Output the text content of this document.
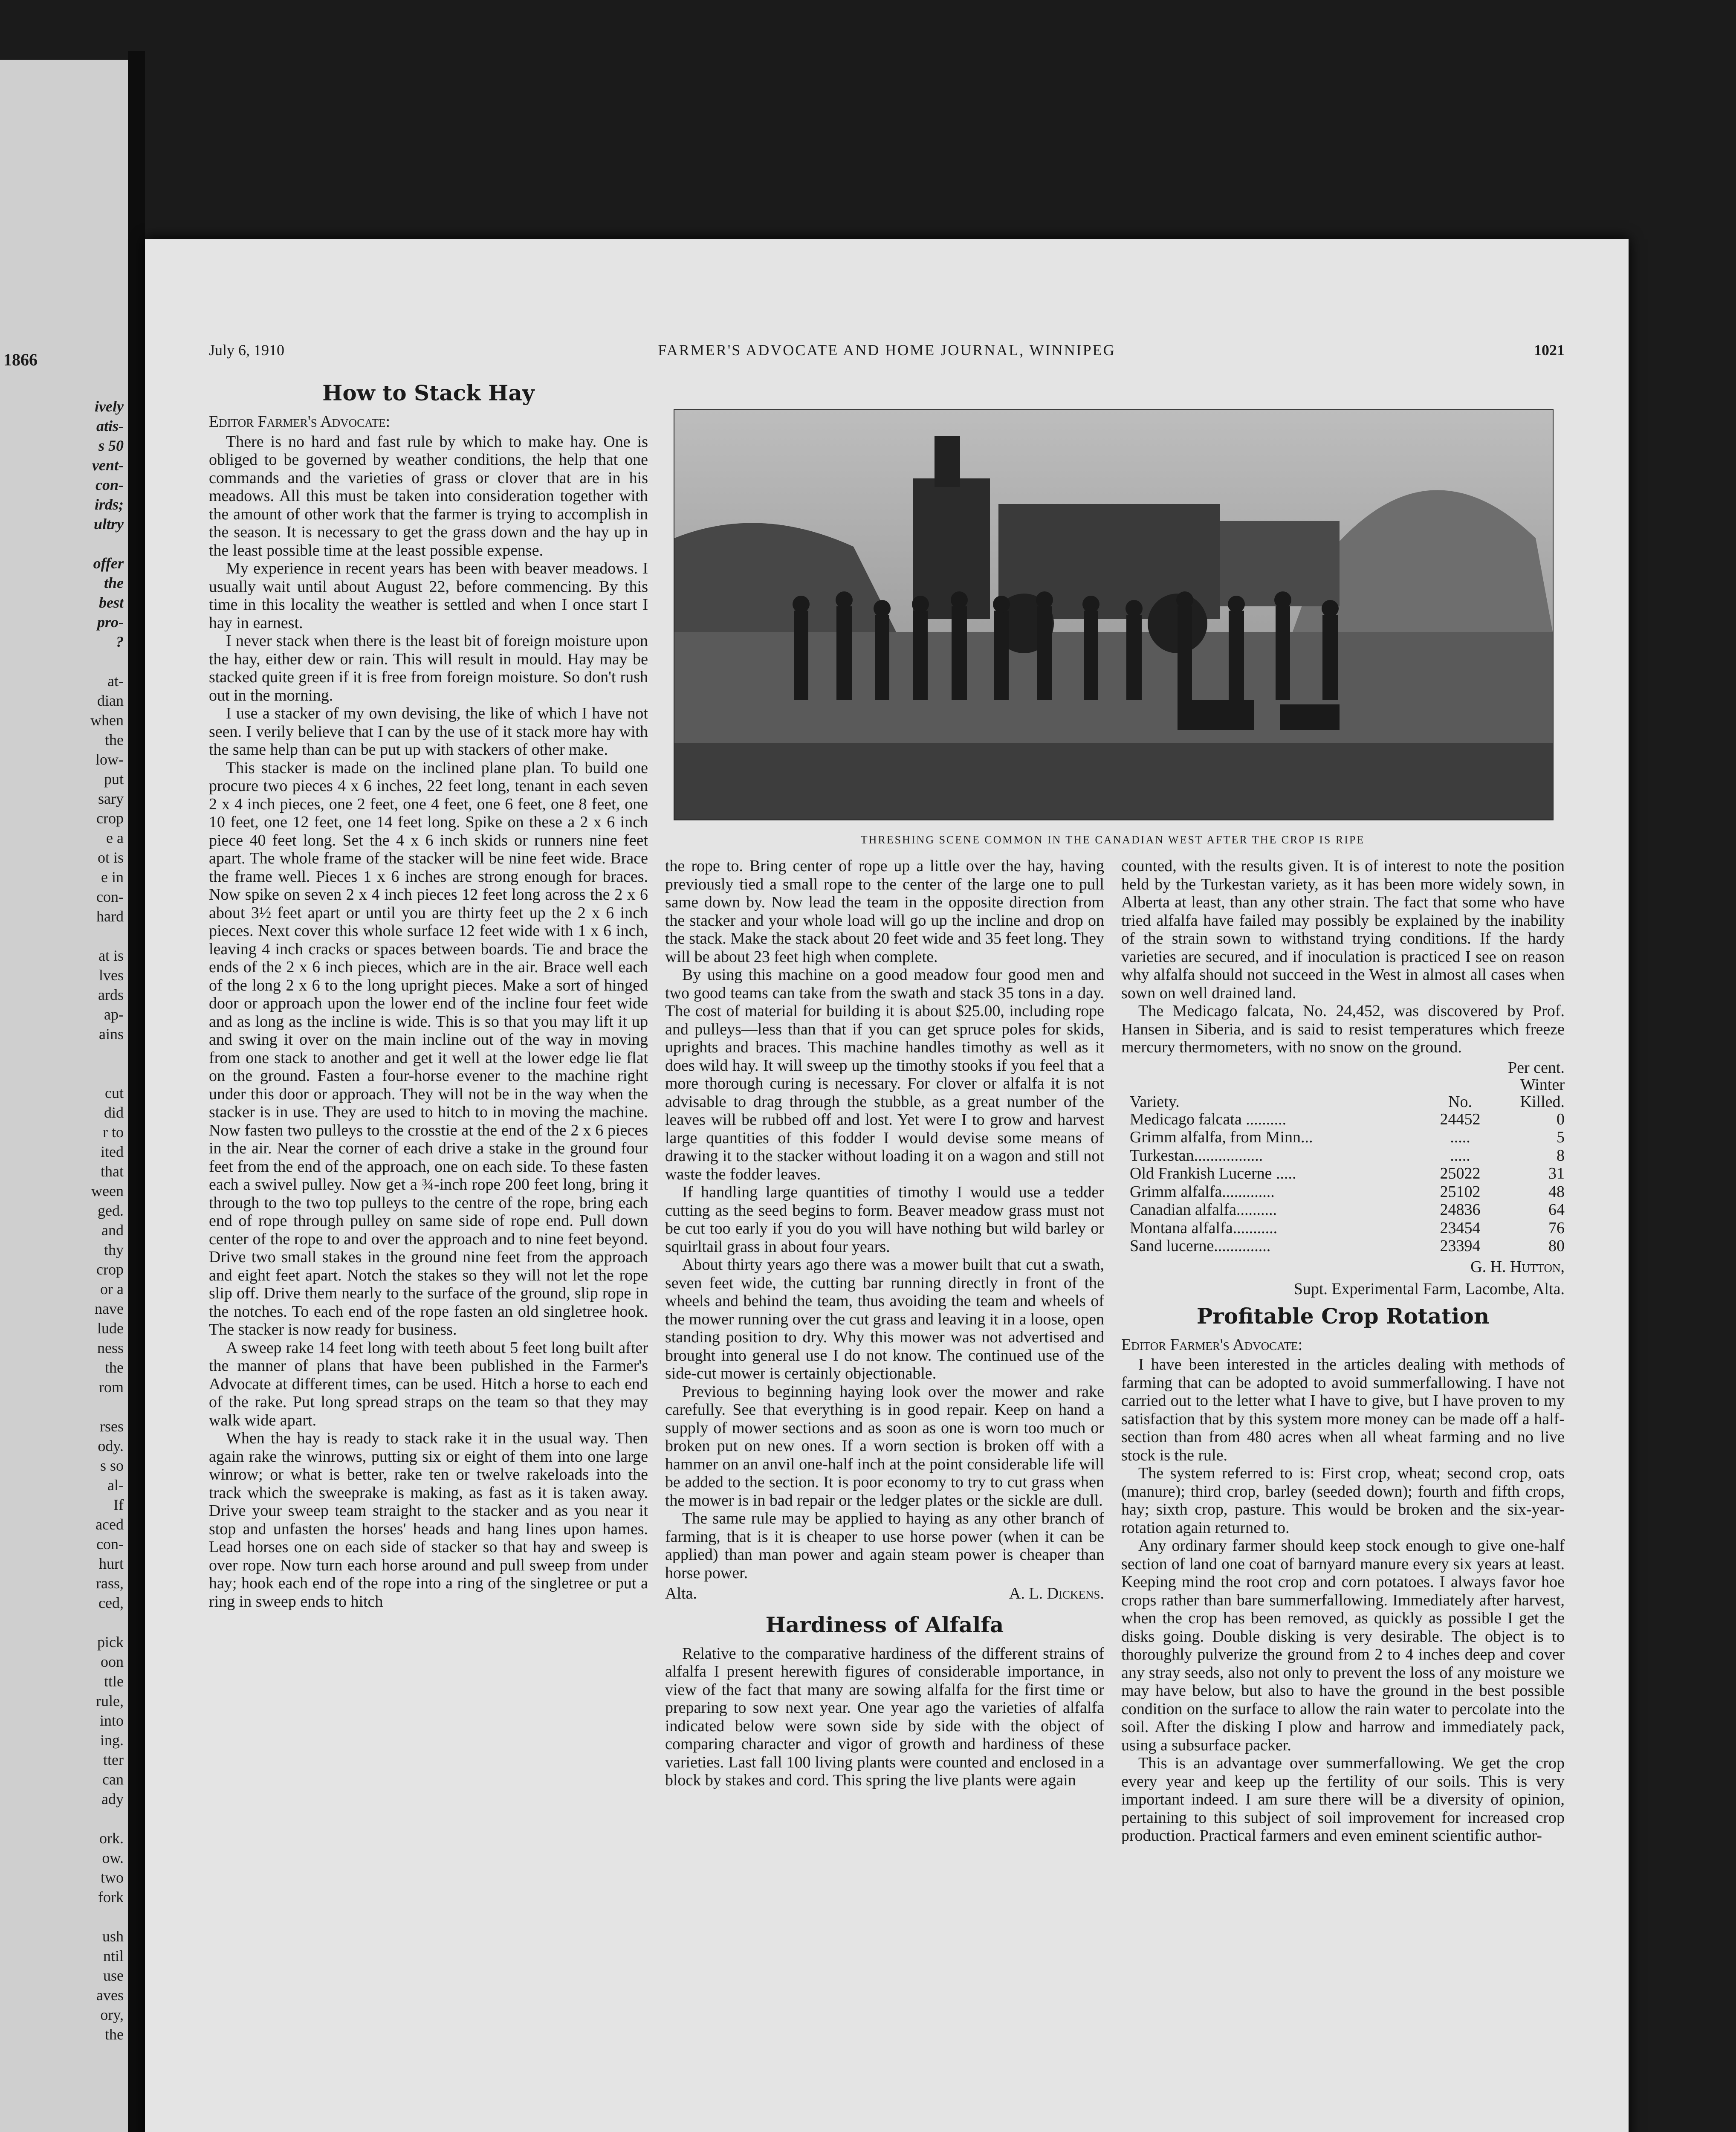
1866
ively
atis-
s 50
vent-
con-
irds;
ultry

offer
the
best
pro-
?

at-
dian
when
the
low-
put
sary
crop
e a
ot is
e in
con-
hard

at is
lves
ards
ap-
ains

cut
did
r to
ited
that
ween
ged.
and
thy
crop
or a
nave
lude
ness
the
rom

rses
ody.
s so
al-
If
aced
con-
hurt
rass,
ced,

pick
oon
ttle
rule,
into
ing.
tter
can
ady

ork.
ow.
two
fork

ush
ntil
use
aves
ory,
the
July 6, 1910	FARMER'S ADVOCATE AND HOME JOURNAL, WINNIPEG	1021
How to Stack Hay
Editor Farmer's Advocate:

There is no hard and fast rule by which to make hay. One is obliged to be governed by weather conditions, the help that one commands and the varieties of grass or clover that are in his meadows. All this must be taken into consideration together with the amount of other work that the farmer is trying to accomplish in the season. It is necessary to get the grass down and the hay up in the least possible time at the least possible expense.

My experience in recent years has been with beaver meadows. I usually wait until about August 22, before commencing. By this time in this locality the weather is settled and when I once start I hay in earnest.

I never stack when there is the least bit of foreign moisture upon the hay, either dew or rain. This will result in mould. Hay may be stacked quite green if it is free from foreign moisture. So don't rush out in the morning.

I use a stacker of my own devising, the like of which I have not seen. I verily believe that I can by the use of it stack more hay with the same help than can be put up with stackers of other make.

This stacker is made on the inclined plane plan. To build one procure two pieces 4 x 6 inches, 22 feet long, tenant in each seven 2 x 4 inch pieces, one 2 feet, one 4 feet, one 6 feet, one 8 feet, one 10 feet, one 12 feet, one 14 feet long. Spike on these a 2 x 6 inch piece 40 feet long. Set the 4 x 6 inch skids or runners nine feet apart. The whole frame of the stacker will be nine feet wide. Brace the frame well. Pieces 1 x 6 inches are strong enough for braces. Now spike on seven 2 x 4 inch pieces 12 feet long across the 2 x 6 about 3½ feet apart or until you are thirty feet up the 2 x 6 inch pieces. Next cover this whole surface 12 feet wide with 1 x 6 inch, leaving 4 inch cracks or spaces between boards. Tie and brace the ends of the 2 x 6 inch pieces, which are in the air. Brace well each of the long 2 x 6 to the long upright pieces. Make a sort of hinged door or approach upon the lower end of the incline four feet wide and as long as the incline is wide. This is so that you may lift it up and swing it over on the main incline out of the way in moving from one stack to another and get it well at the lower edge lie flat on the ground. Fasten a four-horse evener to the machine right under this door or approach. They will not be in the way when the stacker is in use. They are used to hitch to in moving the machine. Now fasten two pulleys to the crosstie at the end of the 2 x 6 pieces in the air. Near the corner of each drive a stake in the ground four feet from the end of the approach, one on each side. To these fasten each a swivel pulley. Now get a ¾-inch rope 200 feet long, bring it through to the two top pulleys to the centre of the rope, bring each end of rope through pulley on same side of rope end. Pull down center of the rope to and over the approach and to nine feet beyond. Drive two small stakes in the ground nine feet from the approach and eight feet apart. Notch the stakes so they will not let the rope slip off. Drive them nearly to the surface of the ground, slip rope in the notches. To each end of the rope fasten an old singletree hook. The stacker is now ready for business.

A sweep rake 14 feet long with teeth about 5 feet long built after the manner of plans that have been published in the Farmer's Advocate at different times, can be used. Hitch a horse to each end of the rake. Put long spread straps on the team so that they may walk wide apart.

When the hay is ready to stack rake it in the usual way. Then again rake the winrows, putting six or eight of them into one large winrow; or what is better, rake ten or twelve rakeloads into the track which the sweeprake is making, as fast as it is taken away. Drive your sweep team straight to the stacker and as you near it stop and unfasten the horses' heads and hang lines upon hames. Lead horses one on each side of stacker so that hay and sweep is over rope. Now turn each horse around and pull sweep from under hay; hook each end of the rope into a ring of the singletree or put a ring in sweep ends to hitch

THRESHING SCENE COMMON IN THE CANADIAN WEST AFTER THE CROP IS RIPE

the rope to. Bring center of rope up a little over the hay, having previously tied a small rope to the center of the large one to pull same down by. Now lead the team in the opposite direction from the stacker and your whole load will go up the incline and drop on the stack. Make the stack about 20 feet wide and 35 feet long. They will be about 23 feet high when complete.

By using this machine on a good meadow four good men and two good teams can take from the swath and stack 35 tons in a day. The cost of material for building it is about $25.00, including rope and pulleys—less than that if you can get spruce poles for skids, uprights and braces. This machine handles timothy as well as it does wild hay. It will sweep up the timothy stooks if you feel that a more thorough curing is necessary. For clover or alfalfa it is not advisable to drag through the stubble, as a great number of the leaves will be rubbed off and lost. Yet were I to grow and harvest large quantities of this fodder I would devise some means of drawing it to the stacker without loading it on a wagon and still not waste the fodder leaves.

If handling large quantities of timothy I would use a tedder cutting as the seed begins to form. Beaver meadow grass must not be cut too early if you do you will have nothing but wild barley or squirltail grass in about four years.

About thirty years ago there was a mower built that cut a swath, seven feet wide, the cutting bar running directly in front of the wheels and behind the team, thus avoiding the team and wheels of the mower running over the cut grass and leaving it in a loose, open standing position to dry. Why this mower was not advertised and brought into general use I do not know. The continued use of the side-cut mower is certainly objectionable.

Previous to beginning haying look over the mower and rake carefully. See that everything is in good repair. Keep on hand a supply of mower sections and as soon as one is worn too much or broken put on new ones. If a worn section is broken off with a hammer on an anvil one-half inch at the point considerable life will be added to the section. It is poor economy to try to cut grass when the mower is in bad repair or the ledger plates or the sickle are dull.

The same rule may be applied to haying as any other branch of farming, that is it is cheaper to use horse power (when it can be applied) than man power and again steam power is cheaper than horse power.

Alta.	A. L. Dickens.
Hardiness of Alfalfa

Relative to the comparative hardiness of the different strains of alfalfa I present herewith figures of considerable importance, in view of the fact that many are sowing alfalfa for the first time or preparing to sow next year. One year ago the varieties of alfalfa indicated below were sown side by side with the object of comparing character and vigor of growth and hardiness of these varieties. Last fall 100 living plants were counted and enclosed in a block by stakes and cord. This spring the live plants were again

counted, with the results given. It is of interest to note the position held by the Turkestan variety, as it has been more widely sown, in Alberta at least, than any other strain. The fact that some who have tried alfalfa have failed may possibly be explained by the inability of the strain sown to withstand trying conditions. If the hardy varieties are secured, and if inoculation is practiced I see on reason why alfalfa should not succeed in the West in almost all cases when sown on well drained land.

The Medicago falcata, No. 24,452, was discovered by Prof. Hansen in Siberia, and is said to resist temperatures which freeze mercury thermometers, with no snow on the ground.

Per cent.
Winter
Variety.	No.	Killed.
Medicago falcata ..........	24452	0
Grimm alfalfa, from Minn...	.....	5
Turkestan.................	.....	8
Old Frankish Lucerne .....	25022	31
Grimm alfalfa.............	25102	48
Canadian alfalfa..........	24836	64
Montana alfalfa...........	23454	76
Sand lucerne..............	23394	80
G. H. Hutton,
Supt. Experimental Farm, Lacombe, Alta.
Profitable Crop Rotation
Editor Farmer's Advocate:

I have been interested in the articles dealing with methods of farming that can be adopted to avoid summerfallowing. I have not carried out to the letter what I have to give, but I have proven to my satisfaction that by this system more money can be made off a half-section than from 480 acres when all wheat farming and no live stock is the rule.

The system referred to is: First crop, wheat; second crop, oats (manure); third crop, barley (seeded down); fourth and fifth crops, hay; sixth crop, pasture. This would be broken and the six-year-rotation again returned to.

Any ordinary farmer should keep stock enough to give one-half section of land one coat of barnyard manure every six years at least. Keeping mind the root crop and corn potatoes. I always favor hoe crops rather than bare summerfallowing. Immediately after harvest, when the crop has been removed, as quickly as possible I get the disks going. Double disking is very desirable. The object is to thoroughly pulverize the ground from 2 to 4 inches deep and cover any stray seeds, also not only to prevent the loss of any moisture we may have below, but also to have the ground in the best possible condition on the surface to allow the rain water to percolate into the soil. After the disking I plow and harrow and immediately pack, using a subsurface packer.

This is an advantage over summerfallowing. We get the crop every year and keep up the fertility of our soils. This is very important indeed. I am sure there will be a diversity of opinion, pertaining to this subject of soil improvement for increased crop production. Practical farmers and even eminent scientific author-
